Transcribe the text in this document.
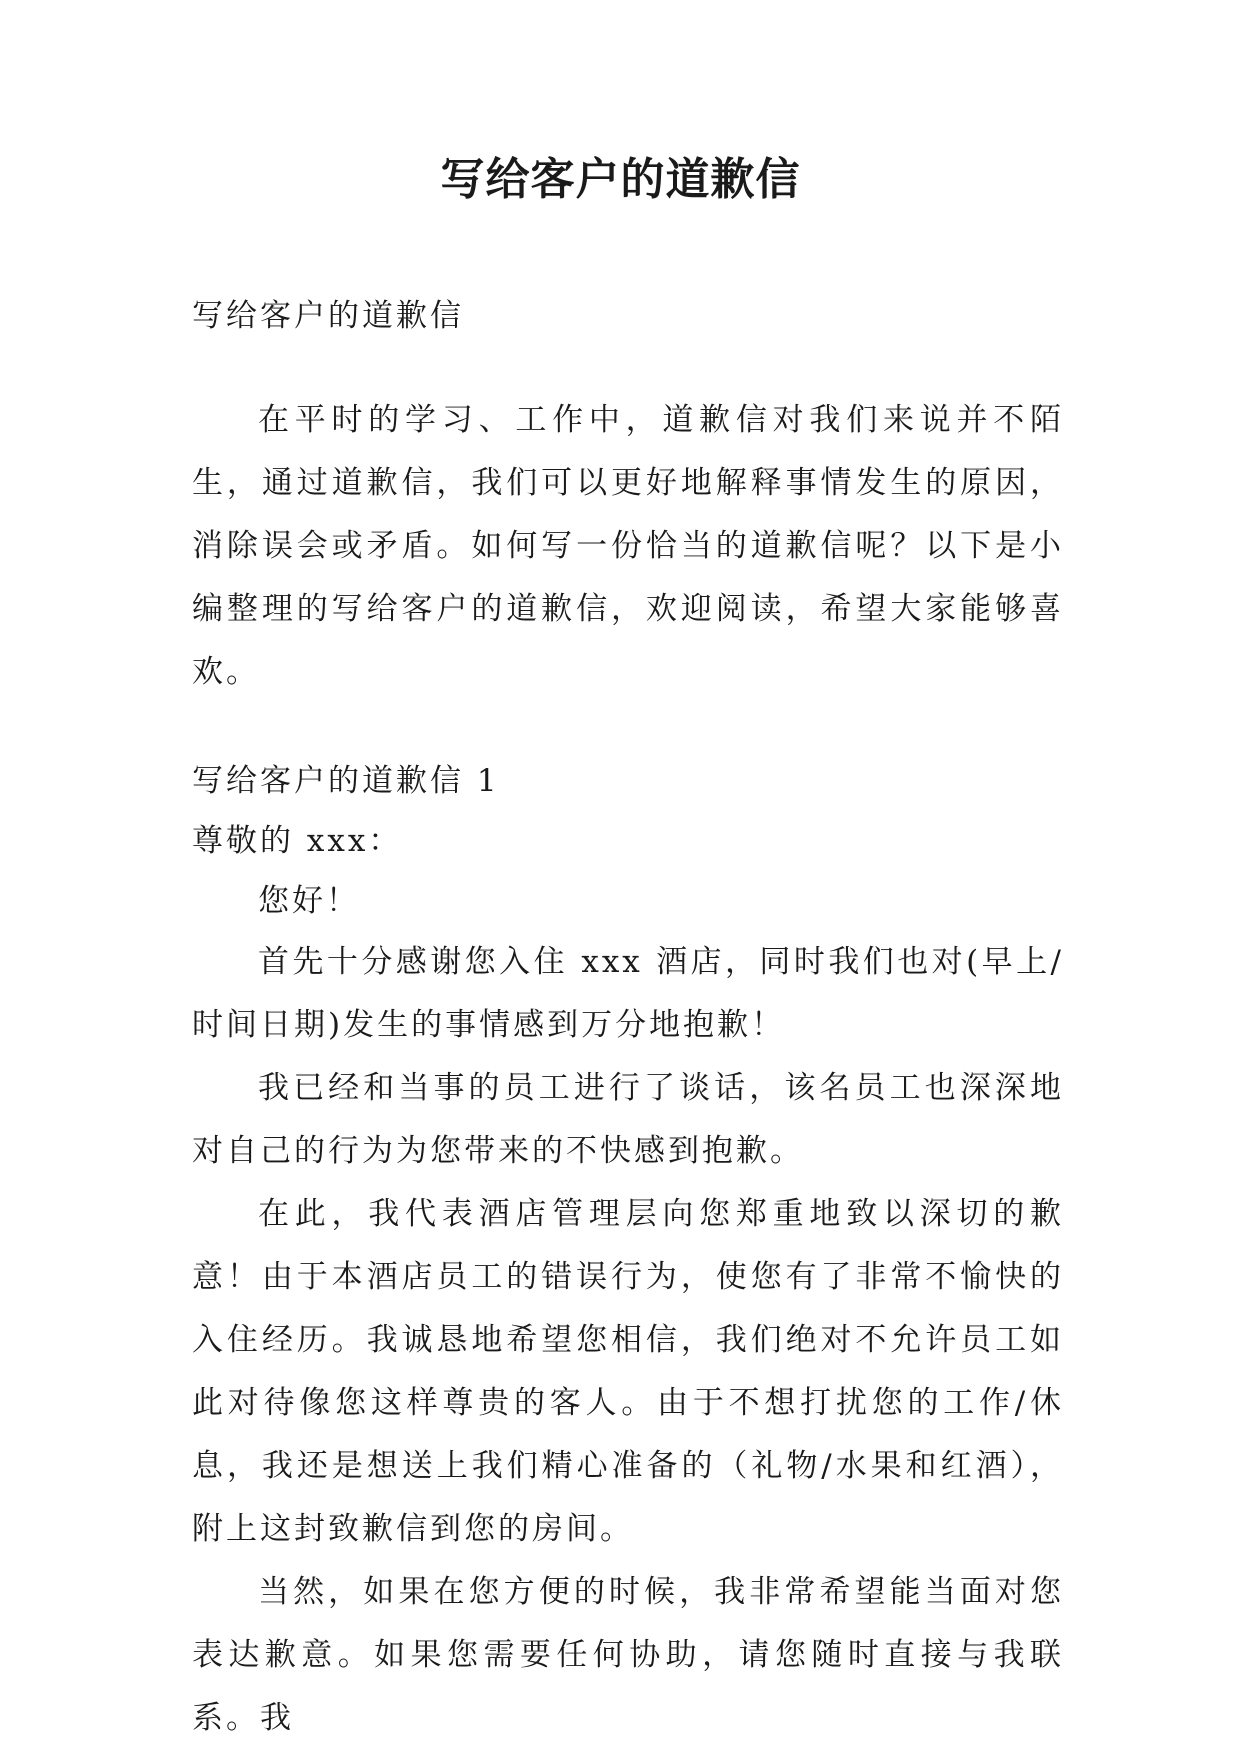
写给客户的道歉信

写给客户的道歉信

在平时的学习、工作中，道歉信对我们来说并不陌生，通过道歉信，我们可以更好地解释事情发生的原因，消除误会或矛盾。如何写一份恰当的道歉信呢？以下是小编整理的写给客户的道歉信，欢迎阅读，希望大家能够喜欢。

写给客户的道歉信 1

尊敬的 xxx：

您好！

首先十分感谢您入住 xxx 酒店，同时我们也对(早上/时间日期)发生的事情感到万分地抱歉！

我已经和当事的员工进行了谈话，该名员工也深深地对自己的行为为您带来的不快感到抱歉。

在此，我代表酒店管理层向您郑重地致以深切的歉意！由于本酒店员工的错误行为，使您有了非常不愉快的入住经历。我诚恳地希望您相信，我们绝对不允许员工如此对待像您这样尊贵的客人。由于不想打扰您的工作/休息，我还是想送上我们精心准备的（礼物/水果和红酒），附上这封致歉信到您的房间。

当然，如果在您方便的时候，我非常希望能当面对您表达歉意。如果您需要任何协助，请您随时直接与我联系。我
